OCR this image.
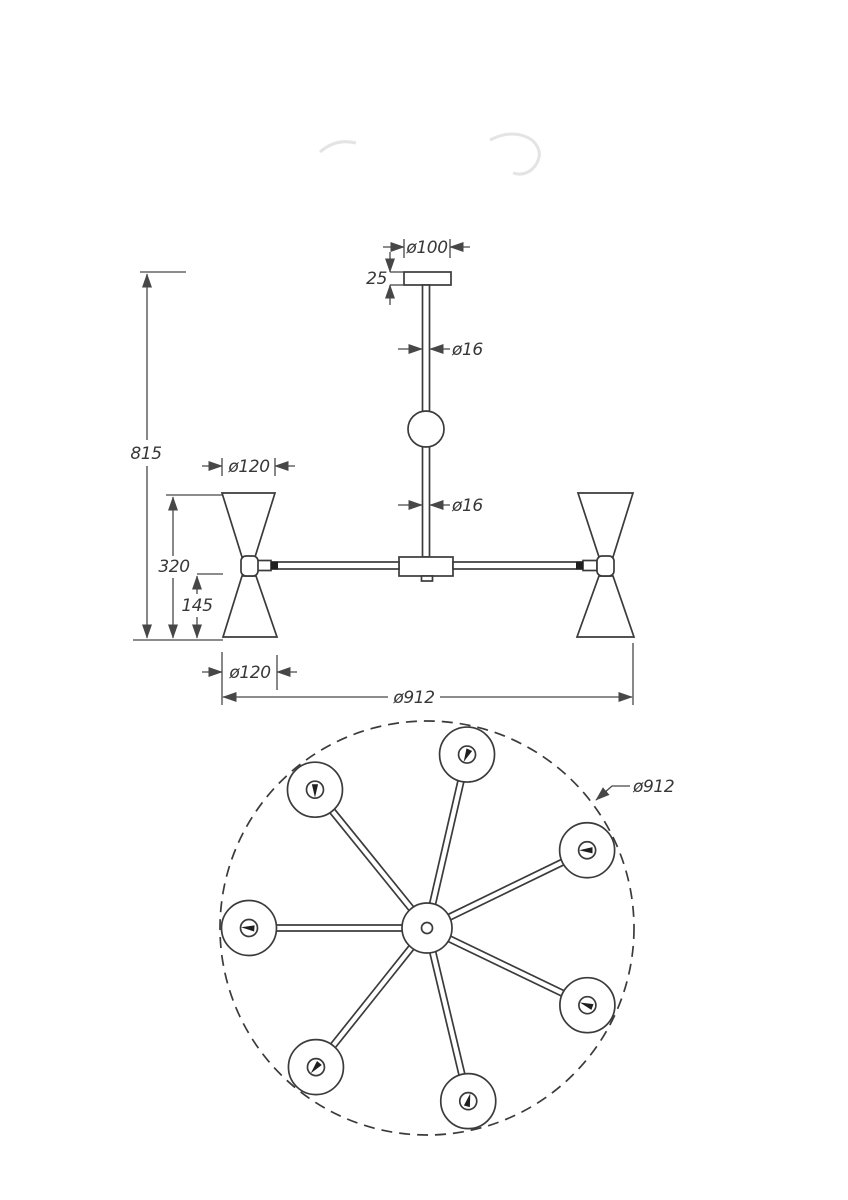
ø100
25
ø16
ø16
815
ø120
320
145
ø120
ø912
ø912
